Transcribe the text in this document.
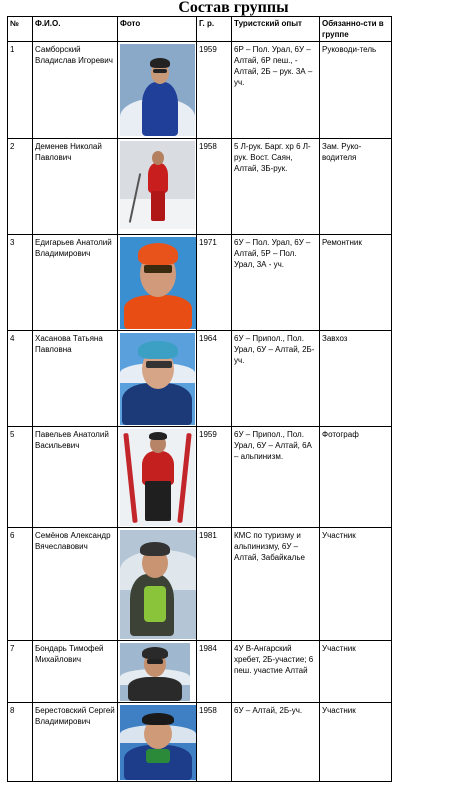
Состав группы
№	Ф.И.О.	Фото	Г. р.	Туристский опыт	Обязанно-сти в группе
1	Самборский Владислав Игоревич		1959	6Р – Пол. Урал, 6У – Алтай, 6Р пеш., - Алтай, 2Б – рук. 3А – уч.	Руководи-тель
2	Деменев Николай Павлович		1958	5 Л-рук. Барг. хр 6 Л-рук. Вост. Саян, Алтай, 3Б-рук.	Зам. Руко-водителя
3	Едигарьев Анатолий Владимирович		1971	6У – Пол. Урал, 6У – Алтай, 5Р – Пол. Урал, 3А - уч.	Ремонтник
4	Хасанова Татьяна Павловна		1964	6У – Припол., Пол. Урал, 6У – Алтай, 2Б-уч.	Завхоз
5	Павельев Анатолий Васильевич		1959	6У – Припол., Пол. Урал, 6У – Алтай, 6А – альпинизм.	Фотограф
6	Семёнов Александр Вячеславович		1981	КМС по туризму и альпинизму, 6У – Алтай, Забайкалье	Участник
7	Бондарь Тимофей Михайлович		1984	4У В-Ангарский хребет, 2Б-участие; 6 пеш. участие Алтай	Участник
8	Берестовский Сергей Владимирович		1958	6У – Алтай, 2Б-уч.	Участник
